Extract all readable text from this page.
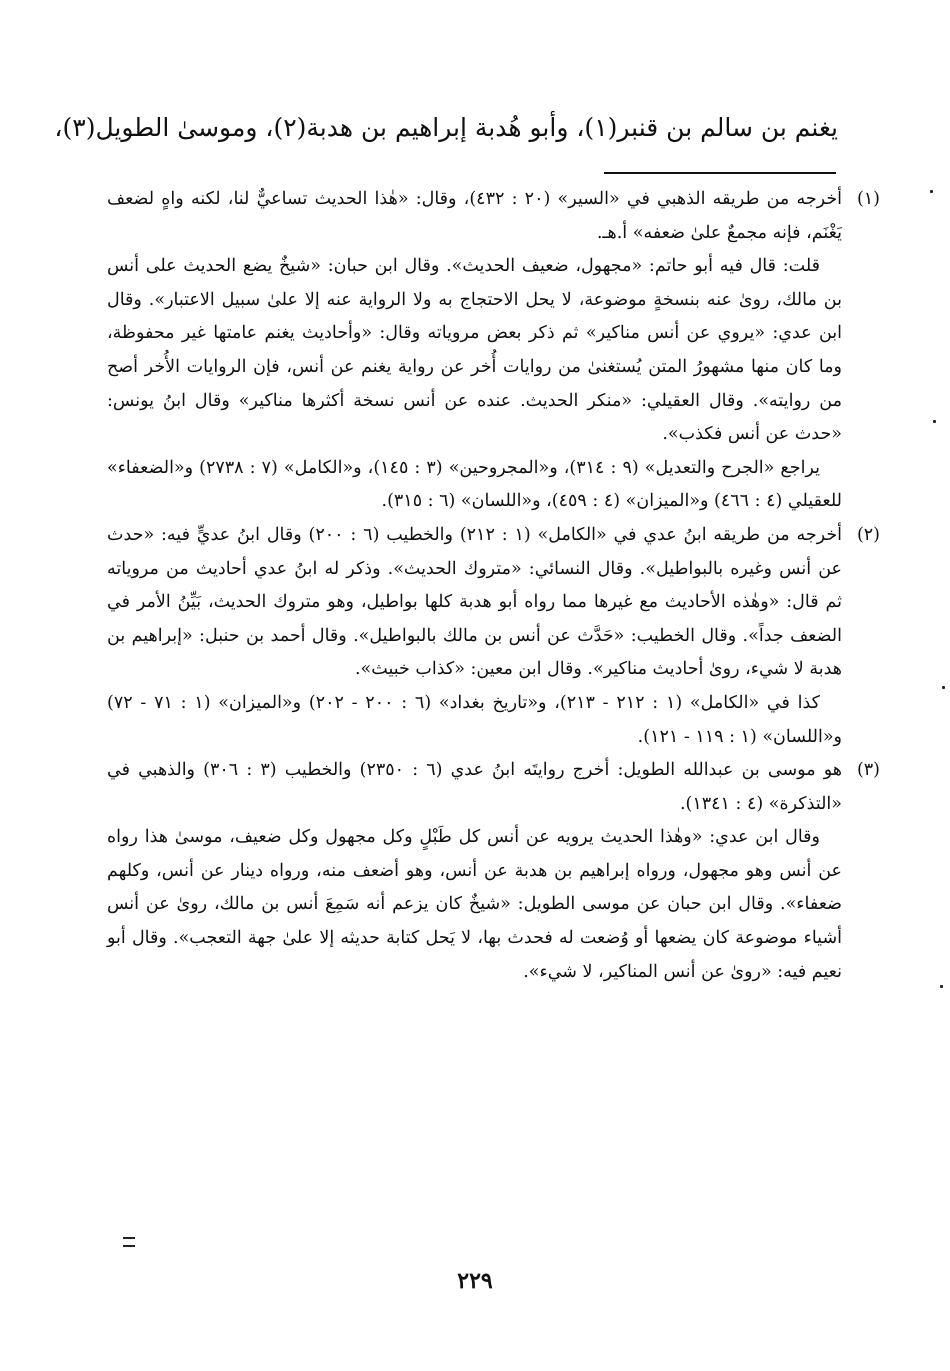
يغنم بن سالم بن قنبر(١)، وأبو هُدبة إبراهيم بن هدبة(٢)، وموسىٰ الطويل(٣)،
(١)

أخرجه من طريقه الذهبي في «السير» (٢٠ : ٤٣٢)، وقال: «هٰذا الحديث تساعيٌّ لنا، لكنه واهٍ لضعف يَغْنَم، فإنه مجمعٌ علىٰ ضعفه» أ.هـ.

قلت: قال فيه أبو حاتم: «مجهول، ضعيف الحديث». وقال ابن حبان: «شيخٌ يضع الحديث على أنس بن مالك، روىٰ عنه بنسخةٍ موضوعة، لا يحل الاحتجاج به ولا الرواية عنه إلا علىٰ سبيل الاعتبار». وقال ابن عدي: «يروي عن أنس مناكير» ثم ذكر بعض مروياته وقال: «وأحاديث يغنم عامتها غير محفوظة، وما كان منها مشهورُ المتن يُستغنىٰ من روايات أُخر عن رواية يغنم عن أنس، فإن الروايات الأُخر أصح من روايته». وقال العقيلي: «منكر الحديث. عنده عن أنس نسخة أكثرها مناكير» وقال ابنُ يونس: «حدث عن أنس فكذب».

يراجع «الجرح والتعديل» (٩ : ٣١٤)، و«المجروحين» (٣ : ١٤٥)، و«الكامل» (٧ : ٢٧٣٨) و«الضعفاء» للعقيلي (٤ : ٤٦٦) و«الميزان» (٤ : ٤٥٩)، و«اللسان» (٦ : ٣١٥).

(٢)

أخرجه من طريقه ابنُ عدي في «الكامل» (١ : ٢١٢) والخطيب (٦ : ٢٠٠) وقال ابنُ عديٍّ فيه: «حدث عن أنس وغيره بالبواطيل». وقال النسائي: «متروك الحديث». وذكر له ابنُ عدي أحاديث من مروياته ثم قال: «وهٰذه الأحاديث مع غيرها مما رواه أبو هدبة كلها بواطيل، وهو متروك الحديث، بَيِّنُ الأمر في الضعف جداً». وقال الخطيب: «حَدَّث عن أنس بن مالك بالبواطيل». وقال أحمد بن حنبل: «إبراهيم بن هدبة لا شيء، روىٰ أحاديث مناكير». وقال ابن معين: «كذاب خبيث».

كذا في «الكامل» (١ : ٢١٢ - ٢١٣)، و«تاريخ بغداد» (٦ : ٢٠٠ - ٢٠٢) و«الميزان» (١ : ٧١ - ٧٢) و«اللسان» (١ : ١١٩ - ١٢١).

(٣)

هو موسى بن عبدالله الطويل: أخرج روايتَه ابنُ عدي (٦ : ٢٣٥٠) والخطيب (٣ : ٣٠٦) والذهبي في «التذكرة» (٤ : ١٣٤١).

وقال ابن عدي: «وهٰذا الحديث يرويه عن أنس كل طَبْلٍ وكل مجهول وكل ضعيف، موسىٰ هذا رواه عن أنس وهو مجهول، ورواه إبراهيم بن هدبة عن أنس، وهو أضعف منه، ورواه دينار عن أنس، وكلهم ضعفاء». وقال ابن حبان عن موسى الطويل: «شيخٌ كان يزعم أنه سَمِعَ أنس بن مالك، روىٰ عن أنس أشياء موضوعة كان يضعها أو وُضعت له فحدث بها، لا يَحل كتابة حديثه إلا علىٰ جهة التعجب». وقال أبو نعيم فيه: «روىٰ عن أنس المناكير، لا شيء».

٢٢٩
